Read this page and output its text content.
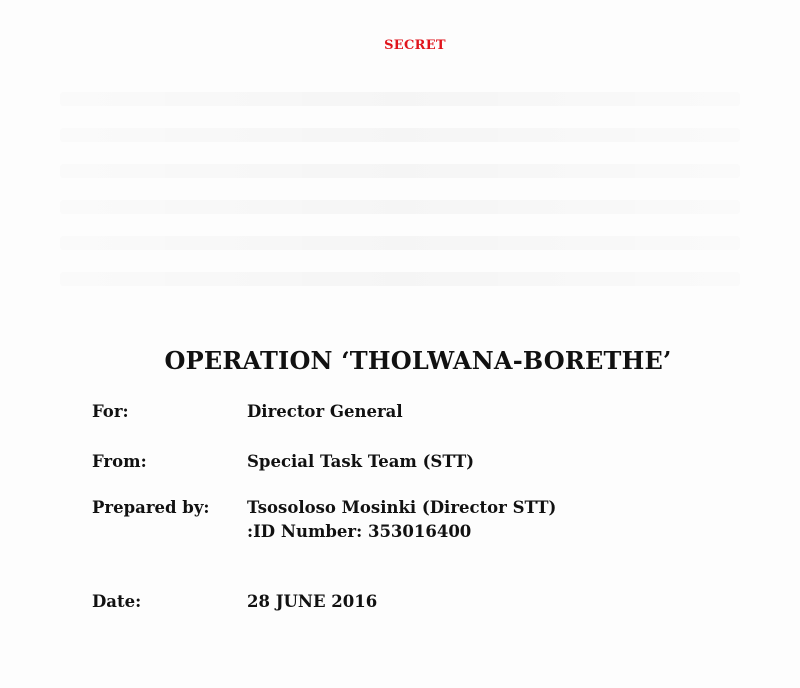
SECRET
OPERATION ‘THOLWANA-BORETHE’
For:	Director General
From:	Special Task Team (STT)
Prepared by: Tsosoloso Mosinki (Director STT)
:ID Number: 353016400
Date:	28 JUNE 2016
